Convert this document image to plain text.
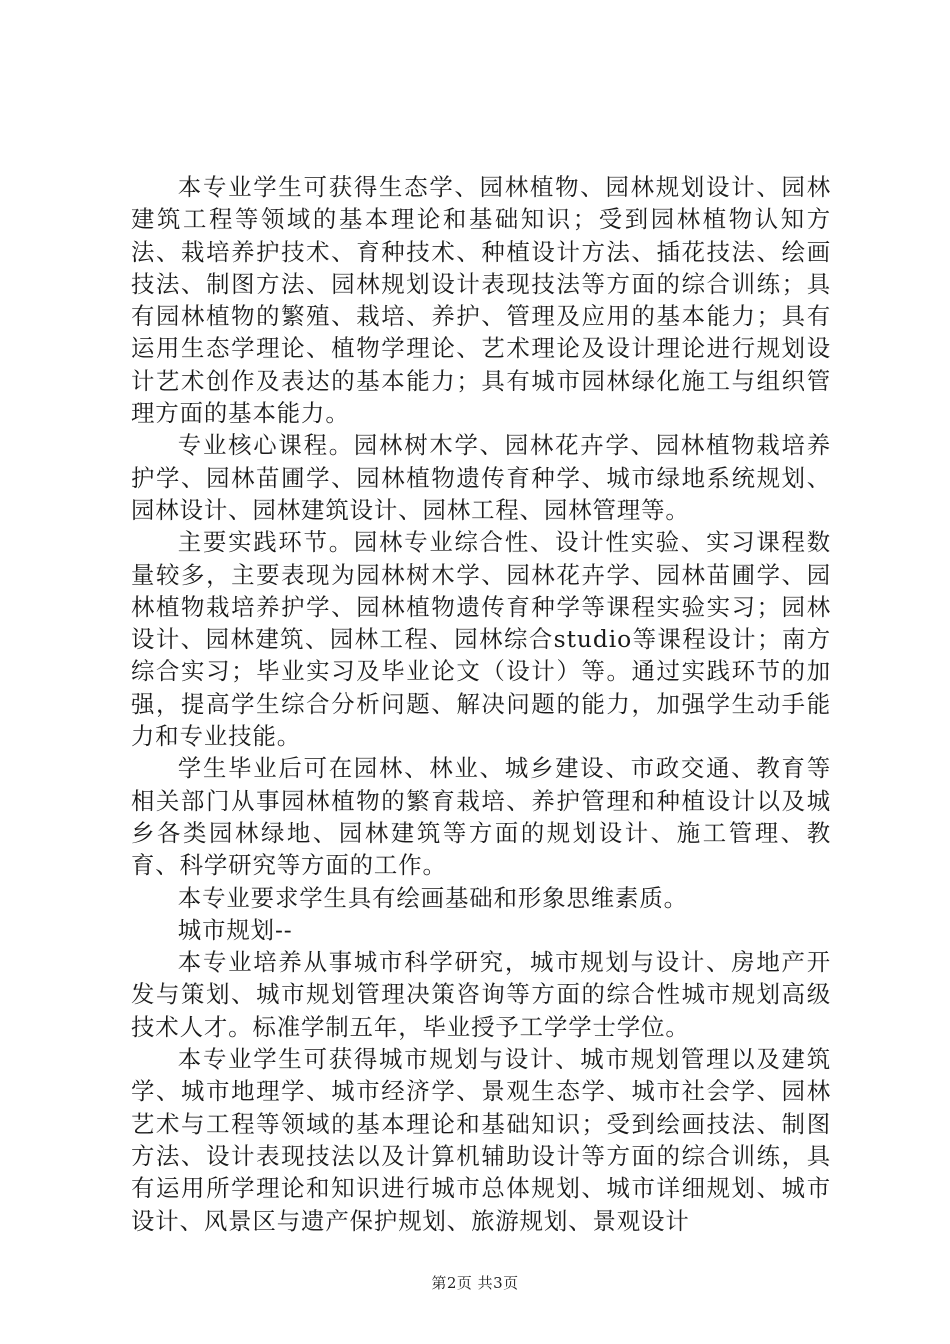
本专业学生可获得生态学、园林植物、园林规划设计、园林建筑工程等领域的基本理论和基础知识；受到园林植物认知方法、栽培养护技术、育种技术、种植设计方法、插花技法、绘画技法、制图方法、园林规划设计表现技法等方面的综合训练；具有园林植物的繁殖、栽培、养护、管理及应用的基本能力；具有运用生态学理论、植物学理论、艺术理论及设计理论进行规划设计艺术创作及表达的基本能力；具有城市园林绿化施工与组织管理方面的基本能力。

专业核心课程。园林树木学、园林花卉学、园林植物栽培养护学、园林苗圃学、园林植物遗传育种学、城市绿地系统规划、园林设计、园林建筑设计、园林工程、园林管理等。

主要实践环节。园林专业综合性、设计性实验、实习课程数量较多，主要表现为园林树木学、园林花卉学、园林苗圃学、园林植物栽培养护学、园林植物遗传育种学等课程实验实习；园林设计、园林建筑、园林工程、园林综合studio等课程设计；南方综合实习；毕业实习及毕业论文（设计）等。通过实践环节的加强，提高学生综合分析问题、解决问题的能力，加强学生动手能力和专业技能。

学生毕业后可在园林、林业、城乡建设、市政交通、教育等相关部门从事园林植物的繁育栽培、养护管理和种植设计以及城乡各类园林绿地、园林建筑等方面的规划设计、施工管理、教育、科学研究等方面的工作。

本专业要求学生具有绘画基础和形象思维素质。

城市规划--

本专业培养从事城市科学研究，城市规划与设计、房地产开发与策划、城市规划管理决策咨询等方面的综合性城市规划高级技术人才。标准学制五年，毕业授予工学学士学位。

本专业学生可获得城市规划与设计、城市规划管理以及建筑学、城市地理学、城市经济学、景观生态学、城市社会学、园林艺术与工程等领域的基本理论和基础知识；受到绘画技法、制图方法、设计表现技法以及计算机辅助设计等方面的综合训练，具有运用所学理论和知识进行城市总体规划、城市详细规划、城市设计、风景区与遗产保护规划、旅游规划、景观设计

第2页 共3页
